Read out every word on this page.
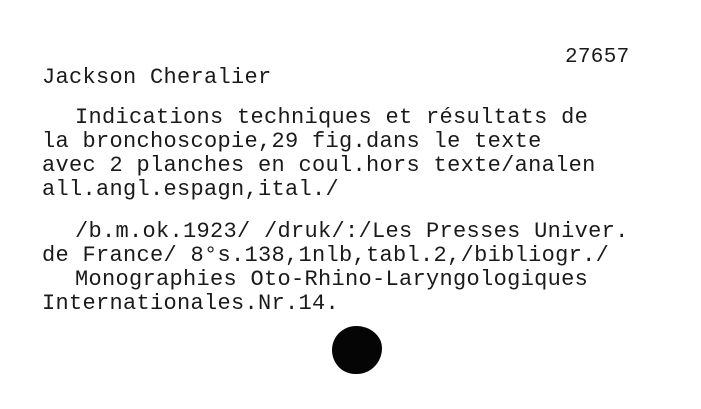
27657
Jackson Cheralier
Indications techniques et résultats de
la bronchoscopie,29 fig.dans le texte
avec 2 planches en coul.hors texte/analen
all.angl.espagn,ital./
/b.m.ok.1923/ /druk/:/Les Presses Univer.
de France/ 8°s.138,1nlb,tabl.2,/bibliogr./
Monographies Oto-Rhino-Laryngologiques
Internationales.Nr.14.
